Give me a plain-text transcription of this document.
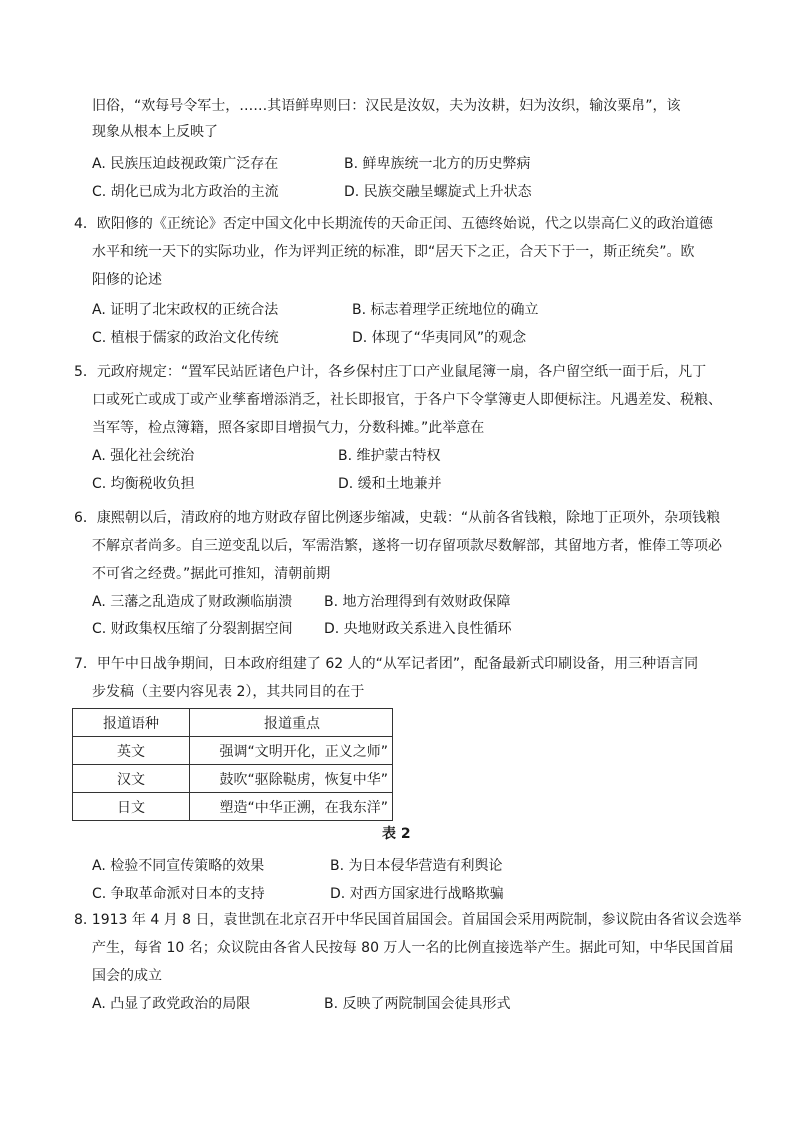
旧俗，“欢每号令军士，……其语鲜卑则曰：汉民是汝奴，夫为汝耕，妇为汝织，输汝粟帛”，该
现象从根本上反映了
A. 民族压迫歧视政策广泛存在	B. 鲜卑族统一北方的历史弊病
C. 胡化已成为北方政治的主流	D. 民族交融呈螺旋式上升状态
4．欧阳修的《正统论》否定中国文化中长期流传的天命正闰、五德终始说，代之以崇高仁义的政治道德
水平和统一天下的实际功业，作为评判正统的标准，即“居天下之正，合天下于一，斯正统矣”。欧
阳修的论述
A. 证明了北宋政权的正统合法	B. 标志着理学正统地位的确立
C. 植根于儒家的政治文化传统	D. 体现了“华夷同风”的观念
5．元政府规定：“置军民站匠诸色户计，各乡保村庄丁口产业鼠尾簿一扇，各户留空纸一面于后，凡丁
口或死亡或成丁或产业孳畜增添消乏，社长即报官，于各户下令掌簿吏人即便标注。凡遇差发、税粮、
当军等，检点簿籍，照各家即目增损气力，分数科摊。”此举意在
A. 强化社会统治	B. 维护蒙古特权
C. 均衡税收负担	D. 缓和土地兼并
6．康熙朝以后，清政府的地方财政存留比例逐步缩减，史载：“从前各省钱粮，除地丁正项外，杂项钱粮
不解京者尚多。自三逆变乱以后，军需浩繁，遂将一切存留项款尽数解部，其留地方者，惟俸工等项必
不可省之经费。”据此可推知，清朝前期
A. 三藩之乱造成了财政濒临崩溃 B. 地方治理得到有效财政保障
C. 财政集权压缩了分裂割据空间 D. 央地财政关系进入良性循环
7．甲午中日战争期间，日本政府组建了 62 人的“从军记者团”，配备最新式印刷设备，用三种语言同
步发稿（主要内容见表 2），其共同目的在于
报道语种	报道重点
英文	强调“文明开化，正义之师”
汉文	鼓吹“驱除鞑虏，恢复中华”
日文	塑造“中华正溯，在我东洋”
表 2
A. 检验不同宣传策略的效果	B. 为日本侵华营造有利舆论
C. 争取革命派对日本的支持	D. 对西方国家进行战略欺骗
8. 1913 年 4 月 8 日，袁世凯在北京召开中华民国首届国会。首届国会采用两院制，参议院由各省议会选举
产生，每省 10 名；众议院由各省人民按每 80 万人一名的比例直接选举产生。据此可知，中华民国首届
国会的成立
A. 凸显了政党政治的局限	B. 反映了两院制国会徒具形式
